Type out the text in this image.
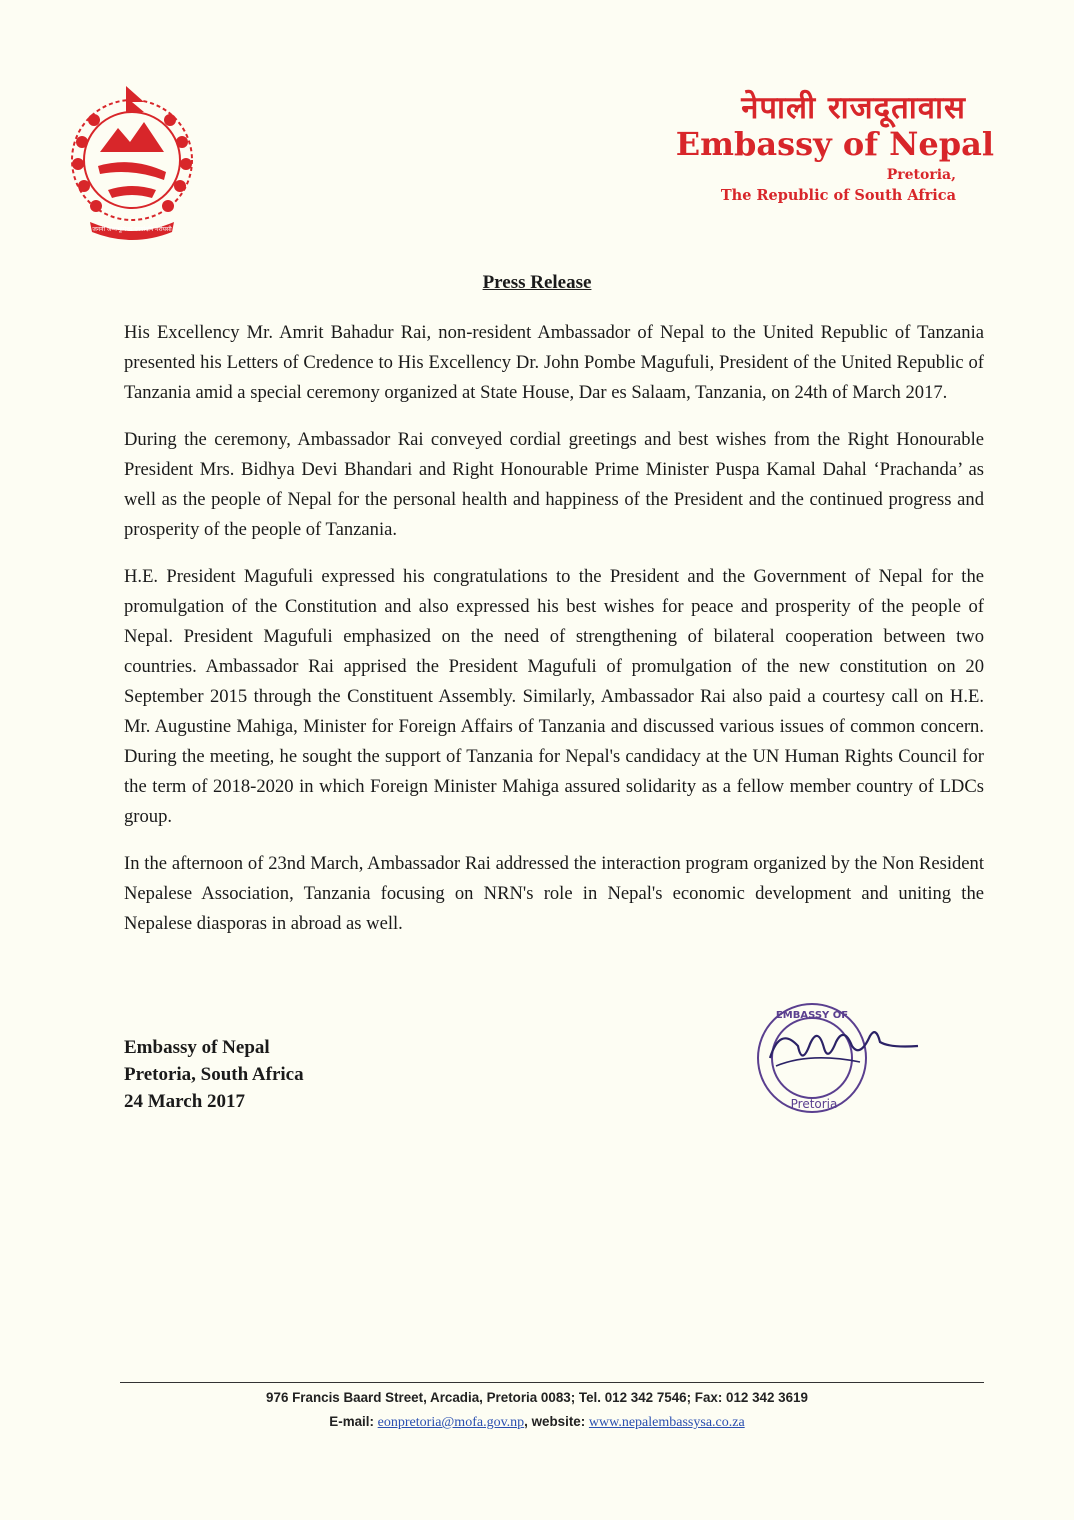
जननी जन्मभूमिश्च स्वर्गादपि गरीयसी
नेपाली राजदूतावास
Embassy of Nepal
Pretoria,
The Republic of South Africa
Press Release

His Excellency Mr. Amrit Bahadur Rai, non-resident Ambassador of Nepal to the United Republic of Tanzania presented his Letters of Credence to His Excellency Dr. John Pombe Magufuli, President of the United Republic of Tanzania amid a special ceremony organized at State House, Dar es Salaam, Tanzania, on 24th of March 2017.

During the ceremony, Ambassador Rai conveyed cordial greetings and best wishes from the Right Honourable President Mrs. Bidhya Devi Bhandari and Right Honourable Prime Minister Puspa Kamal Dahal ‘Prachanda’ as well as the people of Nepal for the personal health and happiness of the President and the continued progress and prosperity of the people of Tanzania.

H.E. President Magufuli expressed his congratulations to the President and the Government of Nepal for the promulgation of the Constitution and also expressed his best wishes for peace and prosperity of the people of Nepal. President Magufuli emphasized on the need of strengthening of bilateral cooperation between two countries. Ambassador Rai apprised the President Magufuli of promulgation of the new constitution on 20 September 2015 through the Constituent Assembly. Similarly, Ambassador Rai also paid a courtesy call on H.E. Mr. Augustine Mahiga, Minister for Foreign Affairs of Tanzania and discussed various issues of common concern. During the meeting, he sought the support of Tanzania for Nepal's candidacy at the UN Human Rights Council for the term of 2018-2020 in which Foreign Minister Mahiga assured solidarity as a fellow member country of LDCs group.

In the afternoon of 23nd March, Ambassador Rai addressed the interaction program organized by the Non Resident Nepalese Association, Tanzania focusing on NRN's role in Nepal's economic development and uniting the Nepalese diasporas in abroad as well.

Embassy of Nepal
Pretoria, South Africa
24 March 2017
EMBASSY OF
Pretoria
976 Francis Baard Street, Arcadia, Pretoria 0083; Tel. 012 342 7546; Fax: 012 342 3619
E-mail: eonpretoria@mofa.gov.np, website: www.nepalembassysa.co.za
